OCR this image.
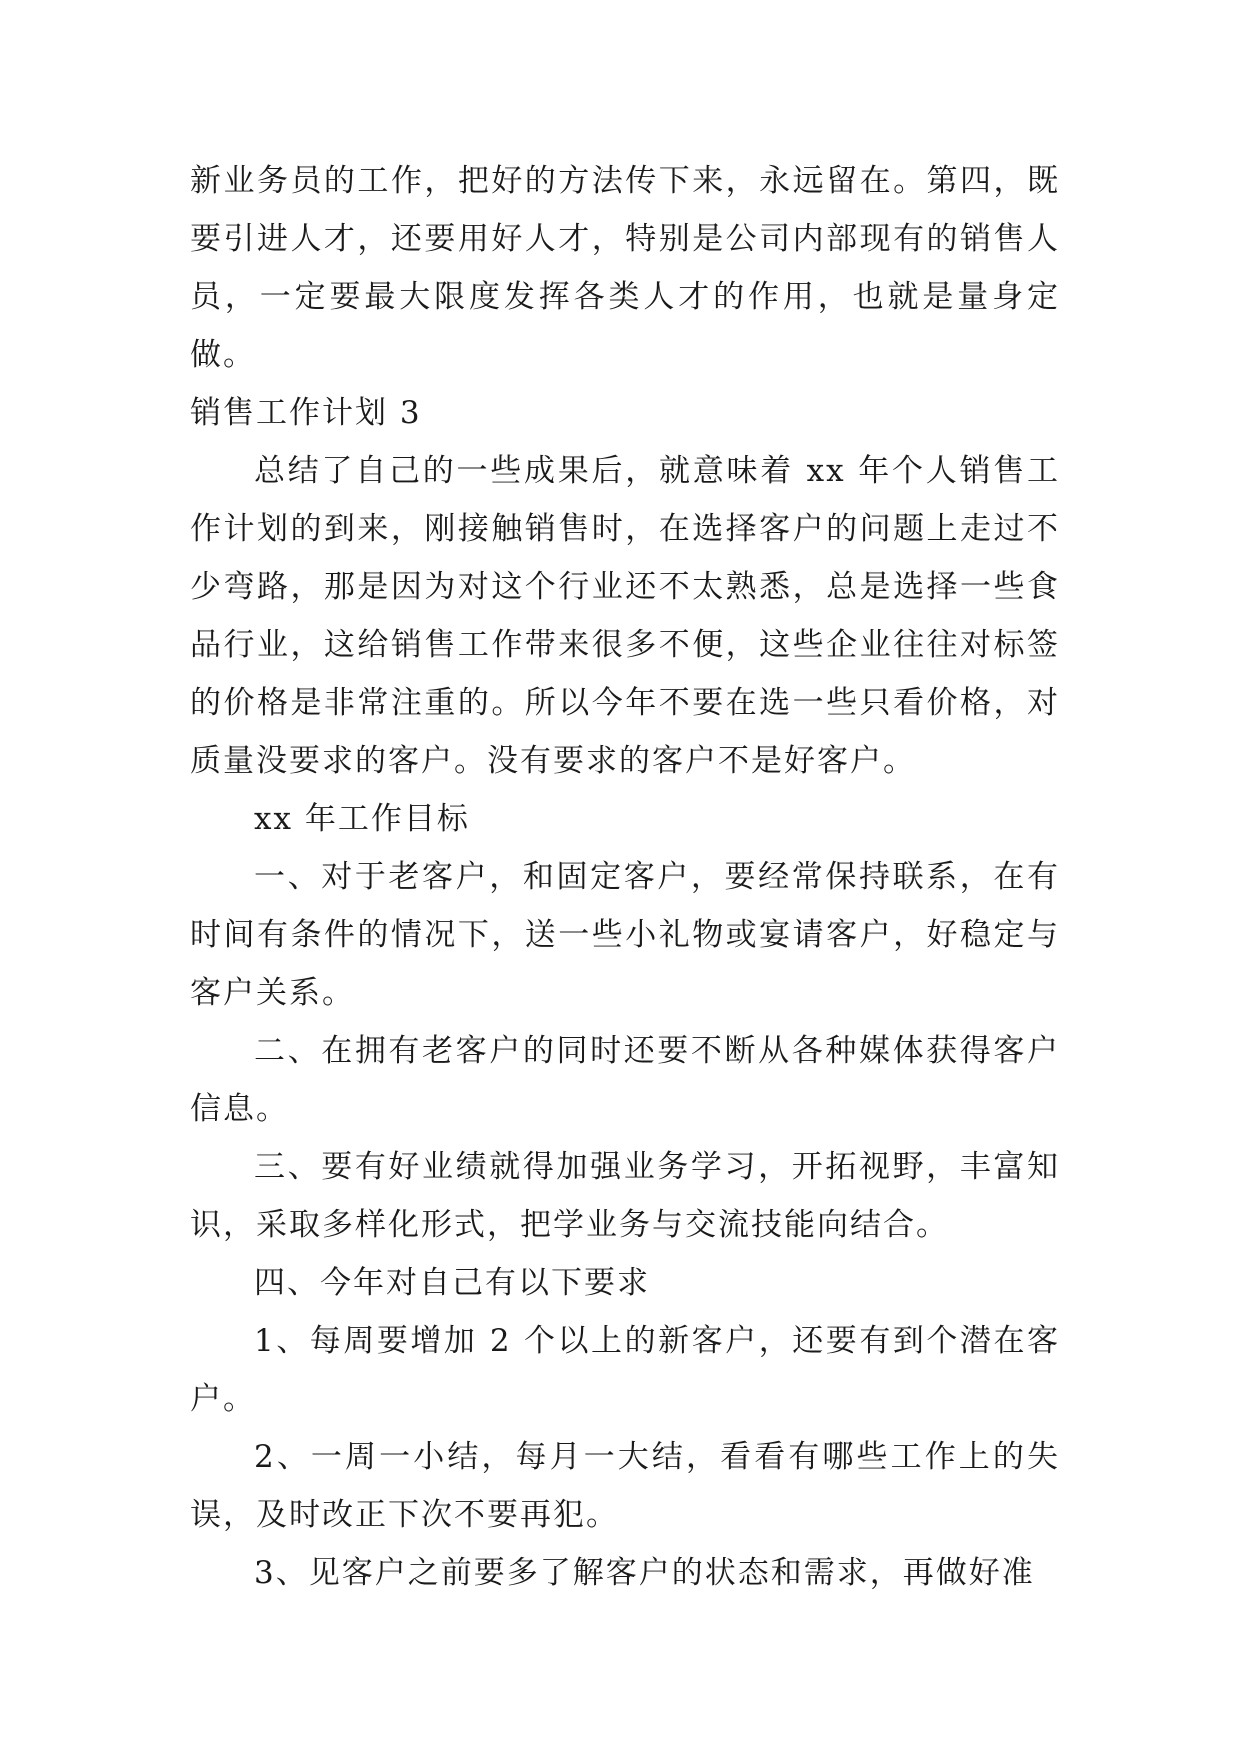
新业务员的工作，把好的方法传下来，永远留在。第四，既要引进人才，还要用好人才，特别是公司内部现有的销售人员，一定要最大限度发挥各类人才的作用，也就是量身定做。

销售工作计划 3

总结了自己的一些成果后，就意味着 xx 年个人销售工作计划的到来，刚接触销售时，在选择客户的问题上走过不少弯路，那是因为对这个行业还不太熟悉，总是选择一些食品行业，这给销售工作带来很多不便，这些企业往往对标签的价格是非常注重的。所以今年不要在选一些只看价格，对质量没要求的客户。没有要求的客户不是好客户。

xx 年工作目标

一、对于老客户，和固定客户，要经常保持联系，在有时间有条件的情况下，送一些小礼物或宴请客户，好稳定与客户关系。

二、在拥有老客户的同时还要不断从各种媒体获得客户信息。

三、要有好业绩就得加强业务学习，开拓视野，丰富知识，采取多样化形式，把学业务与交流技能向结合。

四、今年对自己有以下要求

1、每周要增加 2 个以上的新客户，还要有到个潜在客户。

2、一周一小结，每月一大结，看看有哪些工作上的失误，及时改正下次不要再犯。

3、见客户之前要多了解客户的状态和需求，再做好准
